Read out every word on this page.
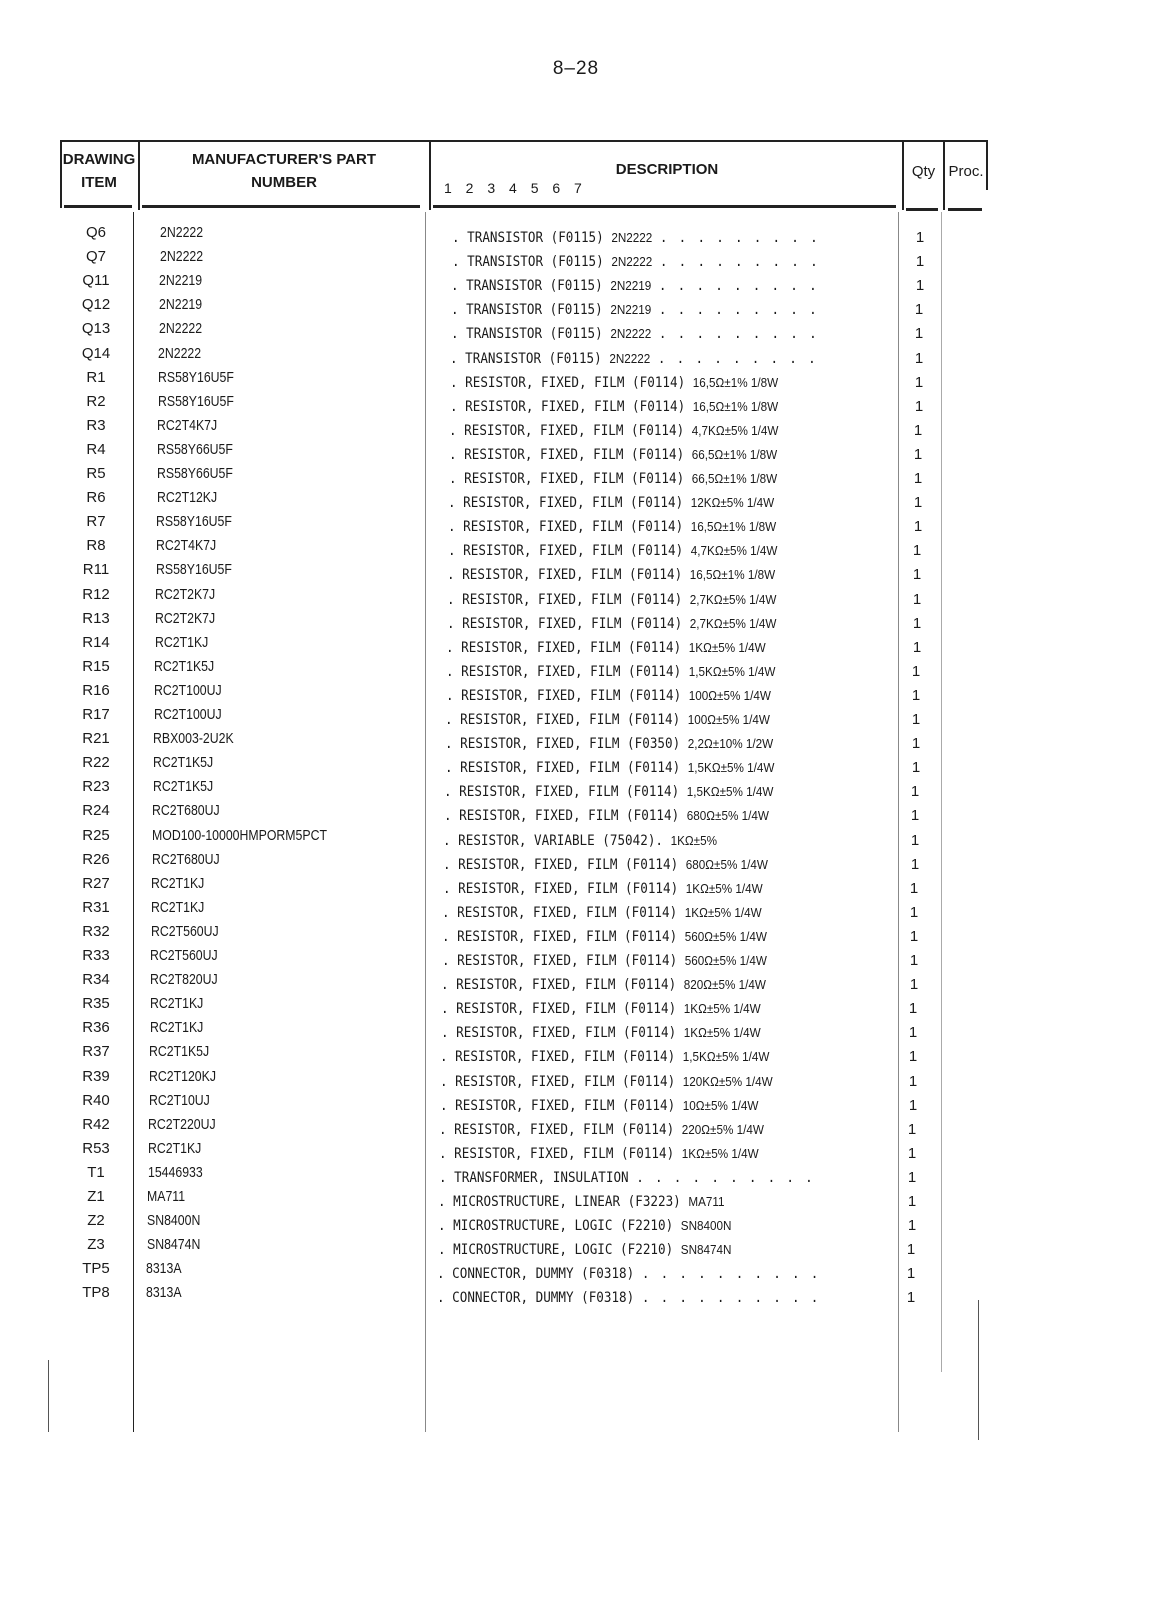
8–28
DRAWING
ITEM
MANUFACTURER'S PART
NUMBER
DESCRIPTION
1 2 3 4 5 6 7
Qty Proc.
Q6	2N2222	. TRANSISTOR (F0115) 2N2222 . . . . . . . . .	1
Q7	2N2222	. TRANSISTOR (F0115) 2N2222 . . . . . . . . .	1
Q11	2N2219	. TRANSISTOR (F0115) 2N2219 . . . . . . . . .	1
Q12	2N2219	. TRANSISTOR (F0115) 2N2219 . . . . . . . . .	1
Q13	2N2222	. TRANSISTOR (F0115) 2N2222 . . . . . . . . .	1
Q14	2N2222	. TRANSISTOR (F0115) 2N2222 . . . . . . . . .	1
R1	RS58Y16U5F	. RESISTOR, FIXED, FILM (F0114) 16,5Ω±1% 1/8W	1
R2	RS58Y16U5F	. RESISTOR, FIXED, FILM (F0114) 16,5Ω±1% 1/8W	1
R3	RC2T4K7J	. RESISTOR, FIXED, FILM (F0114) 4,7KΩ±5% 1/4W	1
R4	RS58Y66U5F	. RESISTOR, FIXED, FILM (F0114) 66,5Ω±1% 1/8W	1
R5	RS58Y66U5F	. RESISTOR, FIXED, FILM (F0114) 66,5Ω±1% 1/8W	1
R6	RC2T12KJ	. RESISTOR, FIXED, FILM (F0114) 12KΩ±5% 1/4W	1
R7	RS58Y16U5F	. RESISTOR, FIXED, FILM (F0114) 16,5Ω±1% 1/8W	1
R8	RC2T4K7J	. RESISTOR, FIXED, FILM (F0114) 4,7KΩ±5% 1/4W	1
R11	RS58Y16U5F	. RESISTOR, FIXED, FILM (F0114) 16,5Ω±1% 1/8W	1
R12	RC2T2K7J	. RESISTOR, FIXED, FILM (F0114) 2,7KΩ±5% 1/4W	1
R13	RC2T2K7J	. RESISTOR, FIXED, FILM (F0114) 2,7KΩ±5% 1/4W	1
R14	RC2T1KJ	. RESISTOR, FIXED, FILM (F0114) 1KΩ±5% 1/4W	1
R15	RC2T1K5J	. RESISTOR, FIXED, FILM (F0114) 1,5KΩ±5% 1/4W	1
R16	RC2T100UJ	. RESISTOR, FIXED, FILM (F0114) 100Ω±5% 1/4W	1
R17	RC2T100UJ	. RESISTOR, FIXED, FILM (F0114) 100Ω±5% 1/4W	1
R21	RBX003-2U2K	. RESISTOR, FIXED, FILM (F0350) 2,2Ω±10% 1/2W	1
R22	RC2T1K5J	. RESISTOR, FIXED, FILM (F0114) 1,5KΩ±5% 1/4W	1
R23	RC2T1K5J	. RESISTOR, FIXED, FILM (F0114) 1,5KΩ±5% 1/4W	1
R24	RC2T680UJ	. RESISTOR, FIXED, FILM (F0114) 680Ω±5% 1/4W	1
R25	MOD100-10000HMPORM5PCT	. RESISTOR, VARIABLE (75042). 1KΩ±5%	1
R26	RC2T680UJ	. RESISTOR, FIXED, FILM (F0114) 680Ω±5% 1/4W	1
R27	RC2T1KJ	. RESISTOR, FIXED, FILM (F0114) 1KΩ±5% 1/4W	1
R31	RC2T1KJ	. RESISTOR, FIXED, FILM (F0114) 1KΩ±5% 1/4W	1
R32	RC2T560UJ	. RESISTOR, FIXED, FILM (F0114) 560Ω±5% 1/4W	1
R33	RC2T560UJ	. RESISTOR, FIXED, FILM (F0114) 560Ω±5% 1/4W	1
R34	RC2T820UJ	. RESISTOR, FIXED, FILM (F0114) 820Ω±5% 1/4W	1
R35	RC2T1KJ	. RESISTOR, FIXED, FILM (F0114) 1KΩ±5% 1/4W	1
R36	RC2T1KJ	. RESISTOR, FIXED, FILM (F0114) 1KΩ±5% 1/4W	1
R37	RC2T1K5J	. RESISTOR, FIXED, FILM (F0114) 1,5KΩ±5% 1/4W	1
R39	RC2T120KJ	. RESISTOR, FIXED, FILM (F0114) 120KΩ±5% 1/4W	1
R40	RC2T10UJ	. RESISTOR, FIXED, FILM (F0114) 10Ω±5% 1/4W	1
R42	RC2T220UJ	. RESISTOR, FIXED, FILM (F0114) 220Ω±5% 1/4W	1
R53	RC2T1KJ	. RESISTOR, FIXED, FILM (F0114) 1KΩ±5% 1/4W	1
T1	15446933	. TRANSFORMER, INSULATION . . . . . . . . . .	1
Z1	MA711	. MICROSTRUCTURE, LINEAR (F3223) MA711	1
Z2	SN8400N	. MICROSTRUCTURE, LOGIC (F2210) SN8400N	1
Z3	SN8474N	. MICROSTRUCTURE, LOGIC (F2210) SN8474N	1
TP5	8313A	. CONNECTOR, DUMMY (F0318) . . . . . . . . . .	1
TP8	8313A	. CONNECTOR, DUMMY (F0318) . . . . . . . . . .	1
